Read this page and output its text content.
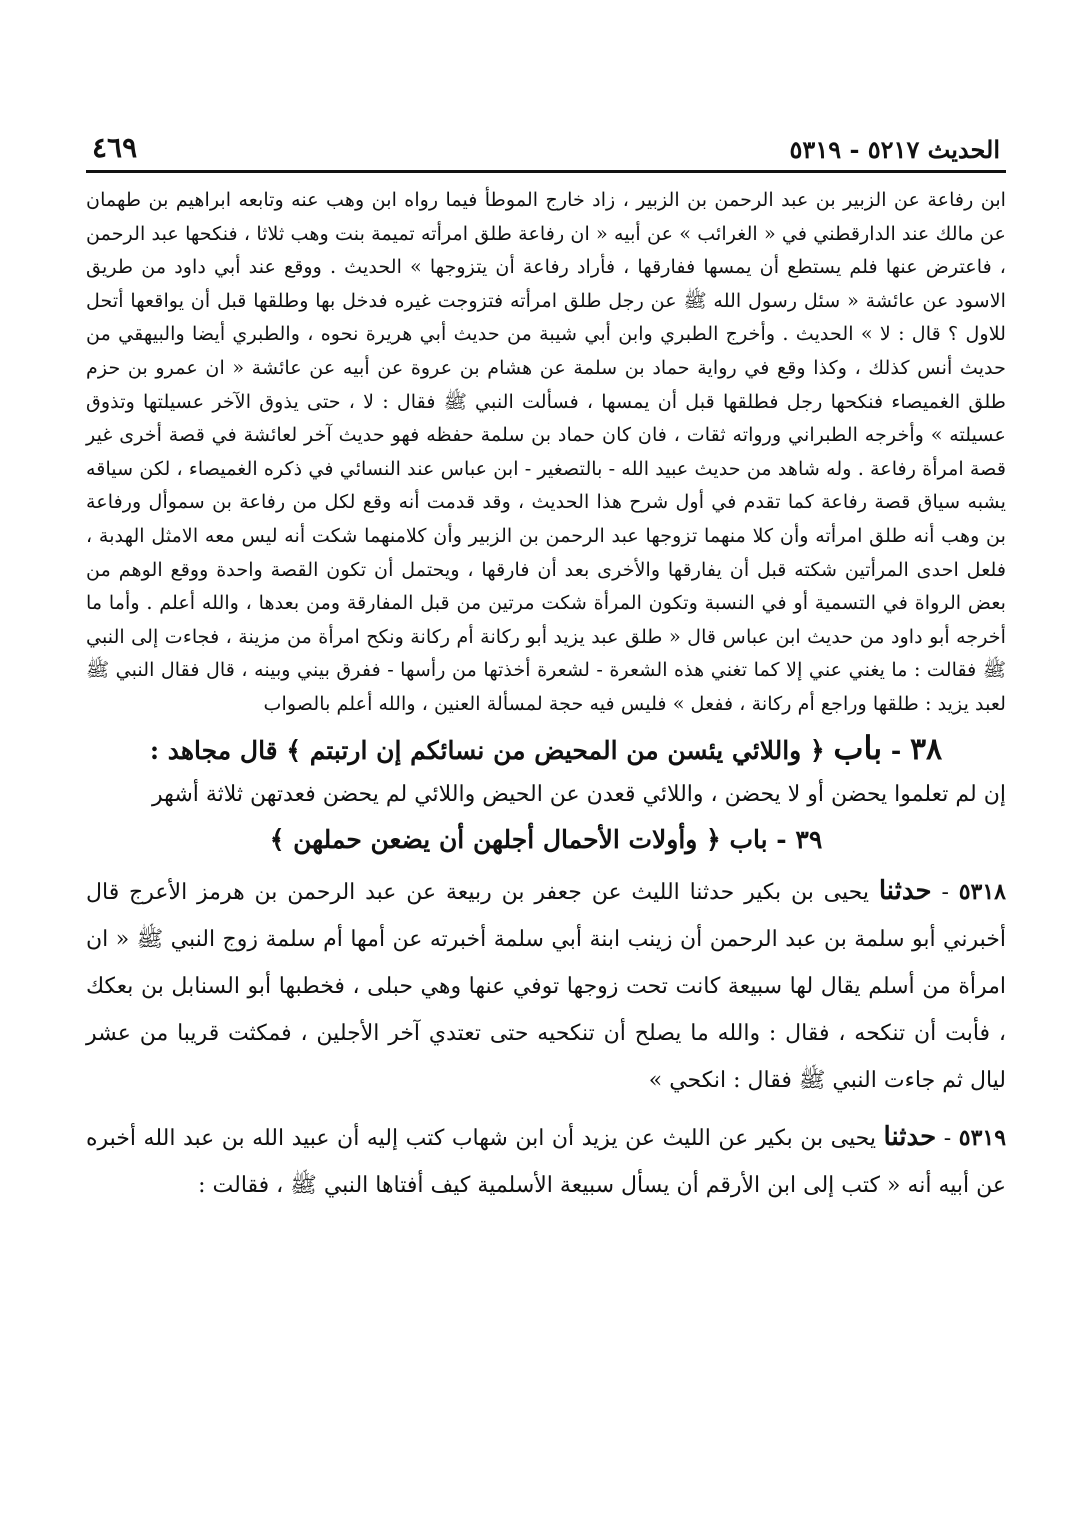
الحديث ٥٢١٧ - ٥٣١٩
٤٦٩

ابن رفاعة عن الزبير بن عبد الرحمن بن الزبير ، زاد خارج الموطأ فيما رواه ابن وهب عنه وتابعه ابراهيم بن طهمان عن مالك عند الدارقطني في « الغرائب » عن أبيه « ان رفاعة طلق امرأته تميمة بنت وهب ثلاثا ، فنكحها عبد الرحمن ، فاعترض عنها فلم يستطع أن يمسها ففارقها ، فأراد رفاعة أن يتزوجها » الحديث . ووقع عند أبي داود من طريق الاسود عن عائشة « سئل رسول الله ﷺ عن رجل طلق امرأته فتزوجت غيره فدخل بها وطلقها قبل أن يواقعها أتحل للاول ؟ قال : لا » الحديث . وأخرج الطبري وابن أبي شيبة من حديث أبي هريرة نحوه ، والطبري أيضا والبيهقي من حديث أنس كذلك ، وكذا وقع في رواية حماد بن سلمة عن هشام بن عروة عن أبيه عن عائشة « ان عمرو بن حزم طلق الغميصاء فنكحها رجل فطلقها قبل أن يمسها ، فسألت النبي ﷺ فقال : لا ، حتى يذوق الآخر عسيلتها وتذوق عسيلته » وأخرجه الطبراني ورواته ثقات ، فان كان حماد بن سلمة حفظه فهو حديث آخر لعائشة في قصة أخرى غير قصة امرأة رفاعة . وله شاهد من حديث عبيد الله - بالتصغير - ابن عباس عند النسائي في ذكره الغميصاء ، لكن سياقه يشبه سياق قصة رفاعة كما تقدم في أول شرح هذا الحديث ، وقد قدمت أنه وقع لكل من رفاعة بن سموأل ورفاعة بن وهب أنه طلق امرأته وأن كلا منهما تزوجها عبد الرحمن بن الزبير وأن كلامنهما شكت أنه ليس معه الامثل الهدبة ، فلعل احدى المرأتين شكته قبل أن يفارقها والأخرى بعد أن فارقها ، ويحتمل أن تكون القصة واحدة ووقع الوهم من بعض الرواة في التسمية أو في النسبة وتكون المرأة شكت مرتين من قبل المفارقة ومن بعدها ، والله أعلم . وأما ما أخرجه أبو داود من حديث ابن عباس قال « طلق عبد يزيد أبو ركانة أم ركانة ونكح امرأة من مزينة ، فجاءت إلى النبي ﷺ فقالت : ما يغني عني إلا كما تغني هذه الشعرة - لشعرة أخذتها من رأسها - ففرق بيني وبينه ، قال فقال النبي ﷺ لعبد يزيد : طلقها وراجع أم ركانة ، ففعل » فليس فيه حجة لمسألة العنين ، والله أعلم بالصواب

٣٨ - باب ﴿ واللائي يئسن من المحيض من نسائكم إن ارتبتم ﴾ قال مجاهد :

إن لم تعلموا يحضن أو لا يحضن ، واللائي قعدن عن الحيض واللائي لم يحضن فعدتهن ثلاثة أشهر

٣٩ - باب ﴿ وأولات الأحمال أجلهن أن يضعن حملهن ﴾

٥٣١٨ - حدثنا يحيى بن بكير حدثنا الليث عن جعفر بن ربيعة عن عبد الرحمن بن هرمز الأعرج قال أخبرني أبو سلمة بن عبد الرحمن أن زينب ابنة أبي سلمة أخبرته عن أمها أم سلمة زوج النبي ﷺ « ان امرأة من أسلم يقال لها سبيعة كانت تحت زوجها توفي عنها وهي حبلى ، فخطبها أبو السنابل بن بعكك ، فأبت أن تنكحه ، فقال : والله ما يصلح أن تنكحيه حتى تعتدي آخر الأجلين ، فمكثت قريبا من عشر ليال ثم جاءت النبي ﷺ فقال : انكحي »

٥٣١٩ - حدثنا يحيى بن بكير عن الليث عن يزيد أن ابن شهاب كتب إليه أن عبيد الله بن عبد الله أخبره عن أبيه أنه « كتب إلى ابن الأرقم أن يسأل سبيعة الأسلمية كيف أفتاها النبي ﷺ ، فقالت :
